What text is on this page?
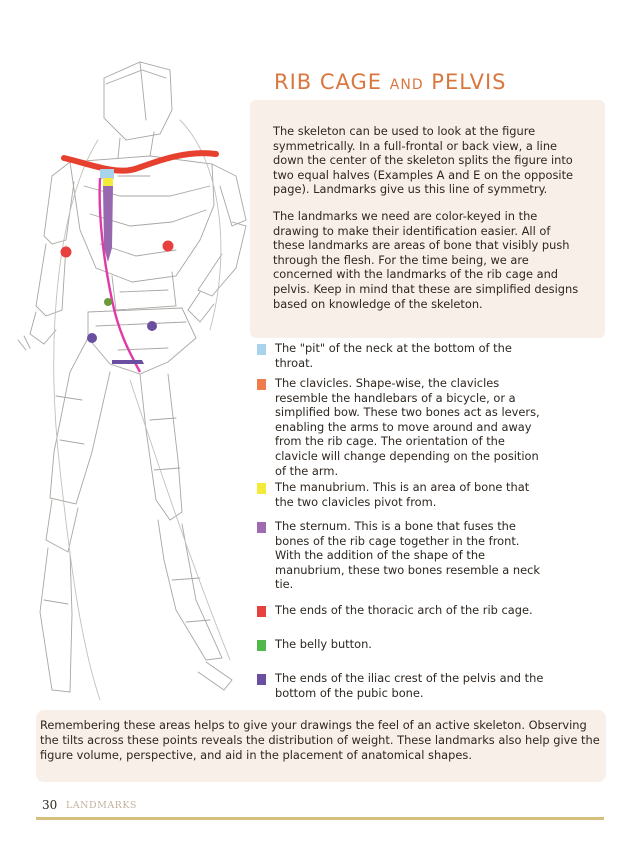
RIB CAGE AND PELVIS

The skeleton can be used to look at the figure symmetrically. In a full-frontal or back view, a line down the center of the skeleton splits the figure into two equal halves (Examples A and E on the opposite page). Landmarks give us this line of symmetry.

The landmarks we need are color-keyed in the drawing to make their identification easier. All of these landmarks are areas of bone that visibly push through the flesh. For the time being, we are concerned with the landmarks of the rib cage and pelvis. Keep in mind that these are simplified designs based on knowledge of the skeleton.

The "pit" of the neck at the bottom of the throat.

The clavicles. Shape-wise, the clavicles resemble the handlebars of a bicycle, or a simplified bow. These two bones act as levers, enabling the arms to move around and away from the rib cage. The orientation of the clavicle will change depending on the position of the arm.

The manubrium. This is an area of bone that the two clavicles pivot from.

The sternum. This is a bone that fuses the bones of the rib cage together in the front. With the addition of the shape of the manubrium, these two bones resemble a neck tie.

The ends of the thoracic arch of the rib cage.

The belly button.

The ends of the iliac crest of the pelvis and the bottom of the pubic bone.

Remembering these areas helps to give your drawings the feel of an active skeleton. Observing the tilts across these points reveals the distribution of weight. These landmarks also help give the figure volume, perspective, and aid in the placement of anatomical shapes.

30 LANDMARKS
